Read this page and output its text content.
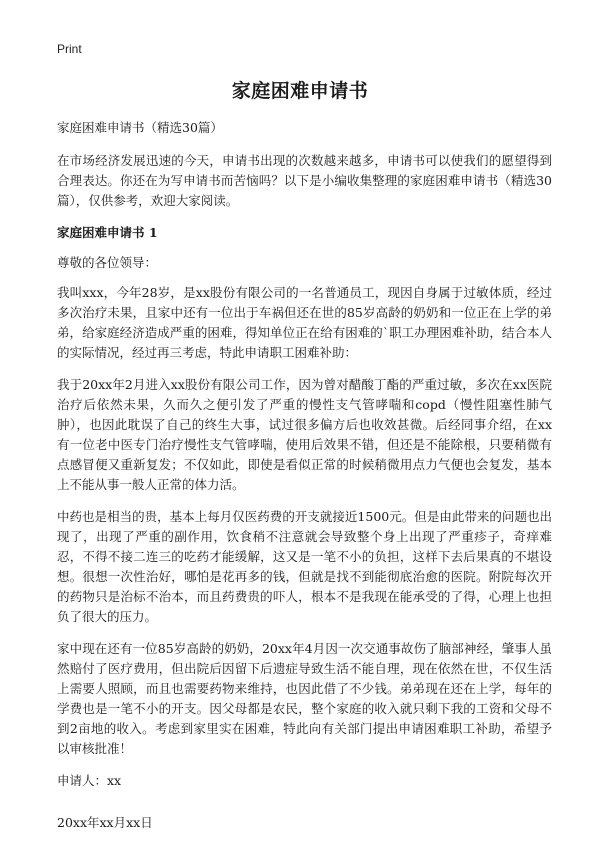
Print
家庭困难申请书

家庭困难申请书（精选30篇）

在市场经济发展迅速的今天，申请书出现的次数越来越多，申请书可以使我们的愿望得到合理表达。你还在为写申请书而苦恼吗？以下是小编收集整理的家庭困难申请书（精选30篇），仅供参考，欢迎大家阅读。

家庭困难申请书 1

尊敬的各位领导：

我叫xxx，今年28岁，是xx股份有限公司的一名普通员工，现因自身属于过敏体质，经过多次治疗未果，且家中还有一位出于车祸但还在世的85岁高龄的奶奶和一位正在上学的弟弟，给家庭经济造成严重的困难，得知单位正在给有困难的`职工办理困难补助，结合本人的实际情况，经过再三考虑，特此申请职工困难补助：

我于20xx年2月进入xx股份有限公司工作，因为曾对醋酸丁酯的严重过敏，多次在xx医院治疗后依然未果，久而久之便引发了严重的慢性支气管哮喘和copd（慢性阻塞性肺气肿），也因此耽误了自己的终生大事，试过很多偏方后也收效甚微。后经同事介绍，在xx有一位老中医专门治疗慢性支气管哮喘，使用后效果不错，但还是不能除根，只要稍微有点感冒便又重新复发；不仅如此，即使是看似正常的时候稍微用点力气便也会复发，基本上不能从事一般人正常的体力活。

中药也是相当的贵，基本上每月仅医药费的开支就接近1500元。但是由此带来的问题也出现了，出现了严重的副作用，饮食稍不注意就会导致整个身上出现了严重疹子，奇痒难忍，不得不接二连三的吃药才能缓解，这又是一笔不小的负担，这样下去后果真的不堪设想。很想一次性治好，哪怕是花再多的钱，但就是找不到能彻底治愈的医院。附院每次开的药物只是治标不治本，而且药费贵的吓人，根本不是我现在能承受的了得，心理上也担负了很大的压力。

家中现在还有一位85岁高龄的奶奶，20xx年4月因一次交通事故伤了脑部神经，肇事人虽然赔付了医疗费用，但出院后因留下后遗症导致生活不能自理，现在依然在世，不仅生活上需要人照顾，而且也需要药物来维持，也因此借了不少钱。弟弟现在还在上学，每年的学费也是一笔不小的开支。因父母都是农民，整个家庭的收入就只剩下我的工资和父母不到2亩地的收入。考虑到家里实在困难，特此向有关部门提出申请困难职工补助，希望予以审核批准！

申请人：xx

20xx年xx月xx日
